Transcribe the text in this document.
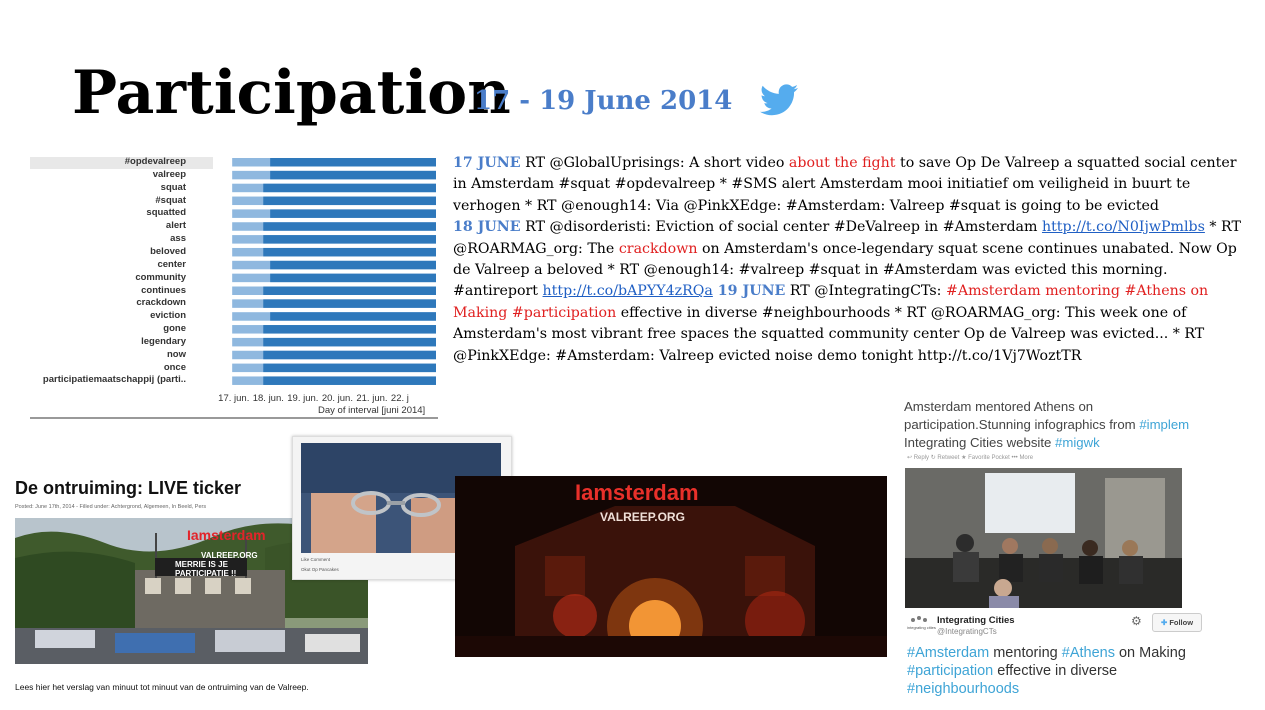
Participation
17 - 19 June 2014
#opdevalreep
valreep
squat
#squat
squatted
alert
ass
beloved
center
community
continues
crackdown
eviction
gone
legendary
now
once
participatiemaatschappij (parti..
17. jun. 18. jun. 19. jun. 20. jun. 21. jun. 22. j
Day of interval [juni 2014]
17 JUNE RT @GlobalUprisings: A short video about the fight to save Op De Valreep a squatted social center in Amsterdam #squat #opdevalreep * #SMS alert Amsterdam mooi initiatief om veiligheid in buurt te verhogen * RT @enough14: Via @PinkXEdge: #Amsterdam: Valreep #squat is going to be evicted
18 JUNE RT @disorderisti: Eviction of social center #DeValreep in #Amsterdam http://t.co/N0IjwPmlbs * RT @ROARMAG_org: The crackdown on Amsterdam's once-legendary squat scene continues unabated. Now Op de Valreep a beloved * RT @enough14: #valreep #squat in #Amsterdam was evicted this morning. #antireport http://t.co/bAPYY4zRQa 19 JUNE RT @IntegratingCTs: #Amsterdam mentoring #Athens on Making #participation effective in diverse #neighbourhoods * RT @ROARMAG_org: This week one of Amsterdam's most vibrant free spaces the squatted community center Op de Valreep was evicted... * RT @PinkXEdge: #Amsterdam: Valreep evicted noise demo tonight http://t.co/1Vj7WoztTR
De ontruiming: LIVE ticker
Posted: June 17th, 2014 - Filled under: Achtergrond, Algemeen, In Beeld, Pers
Iamsterdam
VALREEP.ORG
MERRIE IS JE PARTICIPATIE !!
Lees hier het verslag van minuut tot minuut van de ontruiming van de Valreep.
Like Comment
Okut Op Pancakes
Iamsterdam
VALREEP.ORG
Amsterdam mentored Athens on participation.Stunning infographics from #implem Integrating Cities website #migwk
↩ Reply ↻ Retweet ★ Favorite Pocket ••• More
integrating cities
Integrating Cities
@IntegratingCTs
⚙	✚ Follow
#Amsterdam mentoring #Athens on Making #participation effective in diverse #neighbourhoods
